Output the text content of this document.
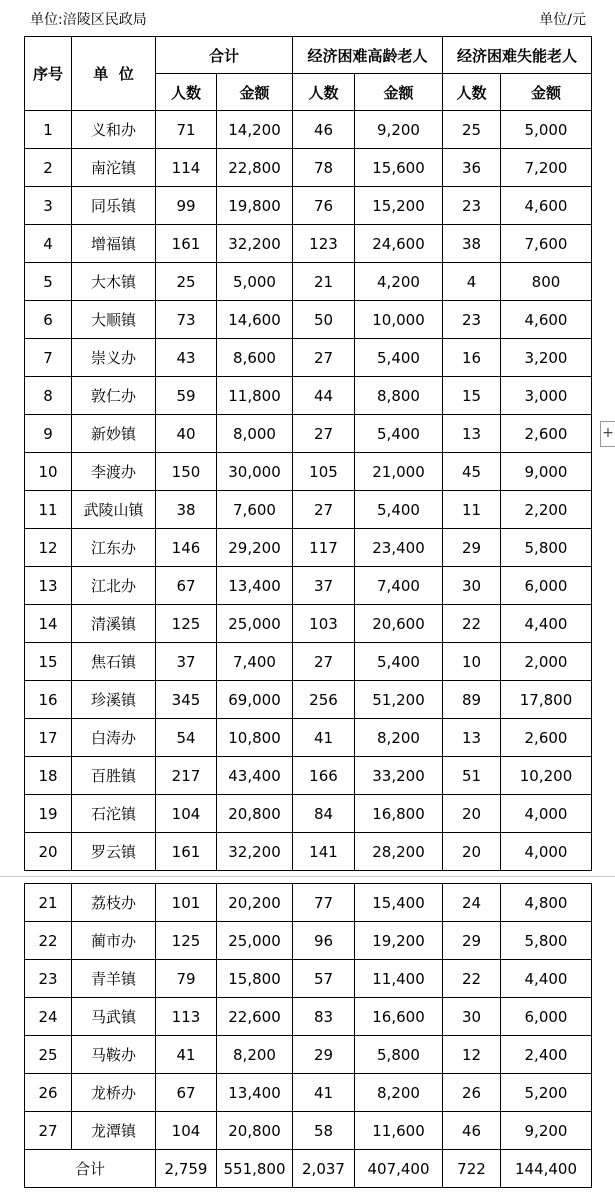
单位:涪陵区民政局	单位/元
序号	单  位	合计		经济困难高龄老人		经济困难失能老人	
		人数	金额	人数	金额	人数	金额
1	义和办	71	14,200	46	9,200	25	5,000
2	南沱镇	114	22,800	78	15,600	36	7,200
3	同乐镇	99	19,800	76	15,200	23	4,600
4	增福镇	161	32,200	123	24,600	38	7,600
5	大木镇	25	5,000	21	4,200	4	800
6	大顺镇	73	14,600	50	10,000	23	4,600
7	崇义办	43	8,600	27	5,400	16	3,200
8	敦仁办	59	11,800	44	8,800	15	3,000
9	新妙镇	40	8,000	27	5,400	13	2,600
10	李渡办	150	30,000	105	21,000	45	9,000
11	武陵山镇	38	7,600	27	5,400	11	2,200
12	江东办	146	29,200	117	23,400	29	5,800
13	江北办	67	13,400	37	7,400	30	6,000
14	清溪镇	125	25,000	103	20,600	22	4,400
15	焦石镇	37	7,400	27	5,400	10	2,000
16	珍溪镇	345	69,000	256	51,200	89	17,800
17	白涛办	54	10,800	41	8,200	13	2,600
18	百胜镇	217	43,400	166	33,200	51	10,200
19	石沱镇	104	20,800	84	16,800	20	4,000
20	罗云镇	161	32,200	141	28,200	20	4,000
21	荔枝办	101	20,200	77	15,400	24	4,800
22	蔺市办	125	25,000	96	19,200	29	5,800
23	青羊镇	79	15,800	57	11,400	22	4,400
24	马武镇	113	22,600	83	16,600	30	6,000
25	马鞍办	41	8,200	29	5,800	12	2,400
26	龙桥办	67	13,400	41	8,200	26	5,200
27	龙潭镇	104	20,800	58	11,600	46	9,200
合计		2,759	551,800	2,037	407,400	722	144,400
+
